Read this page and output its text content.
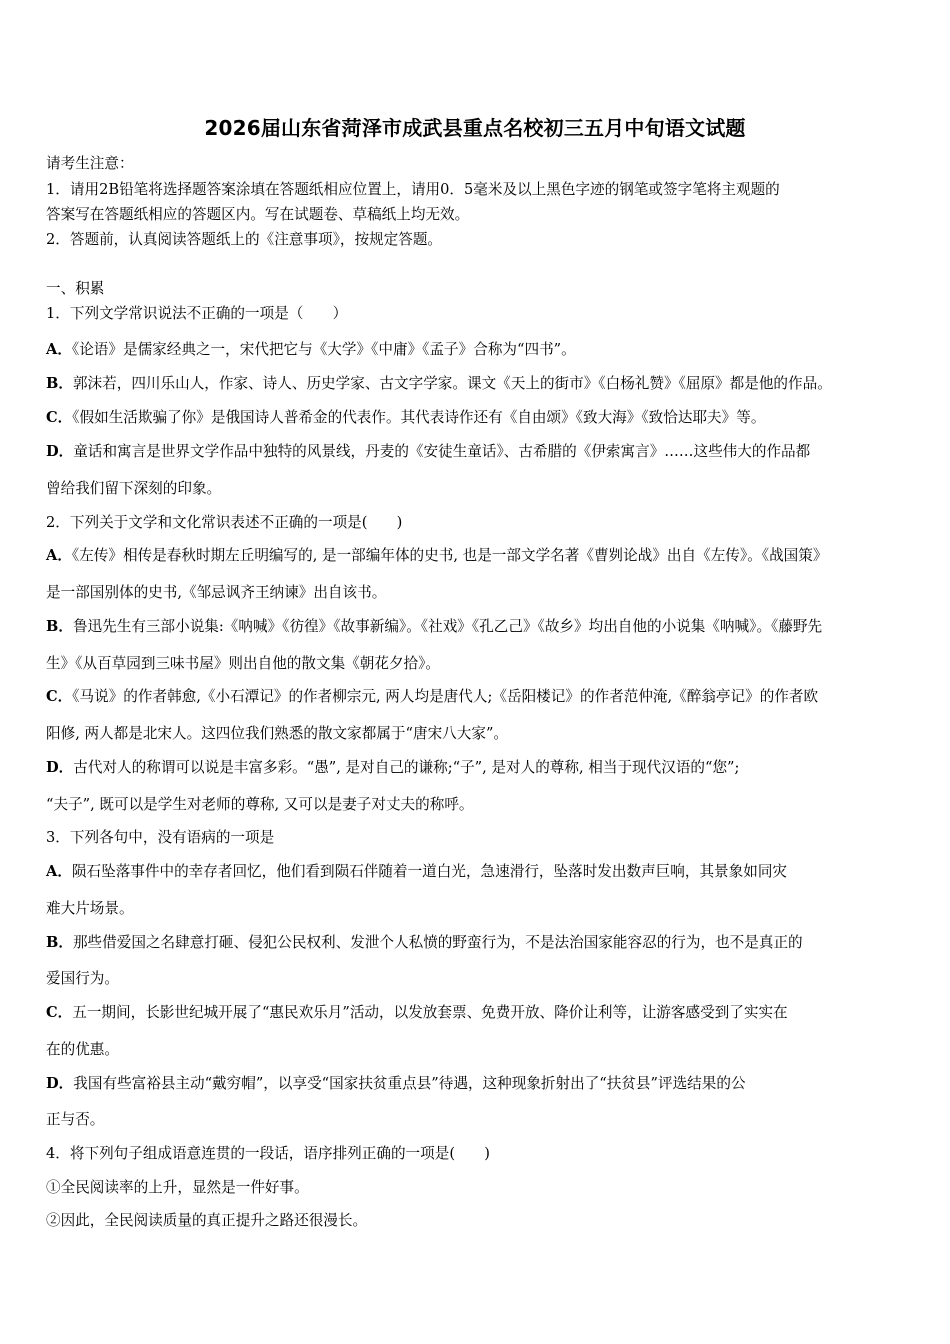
2026届山东省菏泽市成武县重点名校初三五月中旬语文试题
请考生注意：
1．请用2B铅笔将选择题答案涂填在答题纸相应位置上，请用0．5毫米及以上黑色字迹的钢笔或签字笔将主观题的
答案写在答题纸相应的答题区内。写在试题卷、草稿纸上均无效。
2．答题前，认真阅读答题纸上的《注意事项》，按规定答题。
一、积累
1．下列文学常识说法不正确的一项是（　　）
A．《论语》是儒家经典之一，宋代把它与《大学》《中庸》《孟子》合称为“四书”。
B．郭沫若，四川乐山人，作家、诗人、历史学家、古文字学家。课文《天上的街市》《白杨礼赞》《屈原》都是他的作品。
C．《假如生活欺骗了你》是俄国诗人普希金的代表作。其代表诗作还有《自由颂》《致大海》《致恰达耶夫》等。
D．童话和寓言是世界文学作品中独特的风景线，丹麦的《安徒生童话》、古希腊的《伊索寓言》……这些伟大的作品都
曾给我们留下深刻的印象。
2．下列关于文学和文化常识表述不正确的一项是(　　)
A．《左传》相传是春秋时期左丘明编写的, 是一部编年体的史书, 也是一部文学名著《曹刿论战》出自《左传》。《战国策》
是一部国别体的史书,《邹忌讽齐王纳谏》出自该书。
B．鲁迅先生有三部小说集:《呐喊》《彷徨》《故事新编》。《社戏》《孔乙己》《故乡》均出自他的小说集《呐喊》。《藤野先
生》《从百草园到三味书屋》则出自他的散文集《朝花夕拾》。
C．《马说》的作者韩愈,《小石潭记》的作者柳宗元, 两人均是唐代人;《岳阳楼记》的作者范仲淹,《醉翁亭记》的作者欧
阳修, 两人都是北宋人。这四位我们熟悉的散文家都属于“唐宋八大家”。
D．古代对人的称谓可以说是丰富多彩。“愚”, 是对自己的谦称;“子”, 是对人的尊称, 相当于现代汉语的“您”;
“夫子”, 既可以是学生对老师的尊称, 又可以是妻子对丈夫的称呼。
3．下列各句中，没有语病的一项是
A．陨石坠落事件中的幸存者回忆，他们看到陨石伴随着一道白光，急速滑行，坠落时发出数声巨响，其景象如同灾
难大片场景。
B．那些借爱国之名肆意打砸、侵犯公民权利、发泄个人私愤的野蛮行为，不是法治国家能容忍的行为，也不是真正的
爱国行为。
C．五一期间，长影世纪城开展了“惠民欢乐月”活动，以发放套票、免费开放、降价让利等，让游客感受到了实实在
在的优惠。
D．我国有些富裕县主动“戴穷帽”，以享受“国家扶贫重点县”待遇，这种现象折射出了“扶贫县”评选结果的公
正与否。
4．将下列句子组成语意连贯的一段话，语序排列正确的一项是(　　)
①全民阅读率的上升，显然是一件好事。
②因此，全民阅读质量的真正提升之路还很漫长。
